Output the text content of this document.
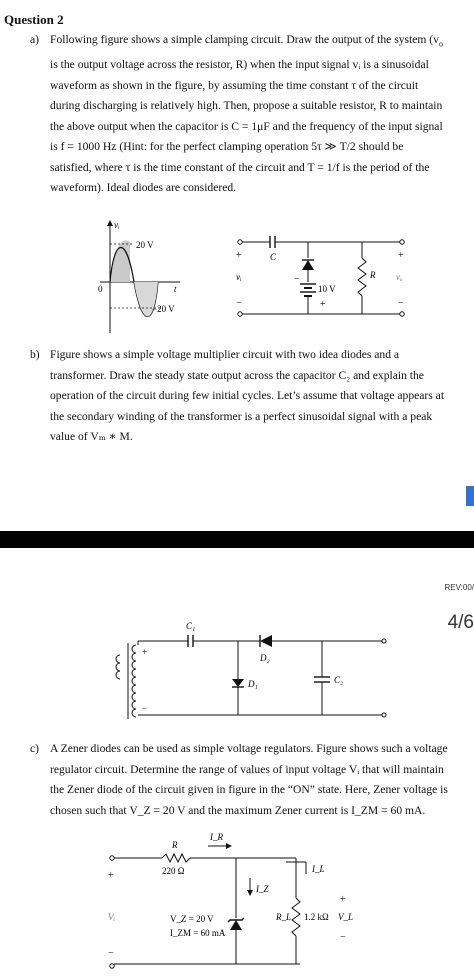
Question 2
a) Following figure shows a simple clamping circuit. Draw the output of the system ($v_o$
is the output voltage across the resistor, R) when the input signal vᵢ is a sinusoidal
waveform as shown in the figure, by assuming the time constant τ of the circuit
during discharging is relatively high. Then, propose a suitable resistor, R to maintain
the above output when the capacitor is C = 1μF and the frequency of the input signal
is f = 1000 Hz (Hint: for the perfect clamping operation 5τ ≫ T/2 should be
satisfied, where τ is the time constant of the circuit and T = 1/f is the period of the
waveform). Ideal diodes are considered.
vᵢ
20 V
−20 V
0	t
C
10 V
+
−	R
+
vᵢ
−
+
vₒ
−
b) Figure shows a simple voltage multiplier circuit with two idea diodes and a
transformer. Draw the steady state output across the capacitor C₂ and explain the
operation of the circuit during few initial cycles. Let’s assume that voltage appears at
the secondary winding of the transformer is a perfect sinusoidal signal with a peak
value of Vₘ ∗ M.
REV:00/
4/6
C₁
D₂
D₁	C₂
+
−
c) A Zener diodes can be used as simple voltage regulators. Figure shows such a voltage
regulator circuit. Determine the range of values of input voltage Vᵢ that will maintain
the Zener diode of the circuit given in figure in the “ON” state. Here, Zener voltage is
chosen such that V_Z = 20 V and the maximum Zener current is I_ZM = 60 mA.
R
220 Ω
I_R
I_Z
V_Z = 20 V
I_ZM = 60 mA
I_L
R_L 1.2 kΩ
+
V_L
−
+
Vᵢ
−
